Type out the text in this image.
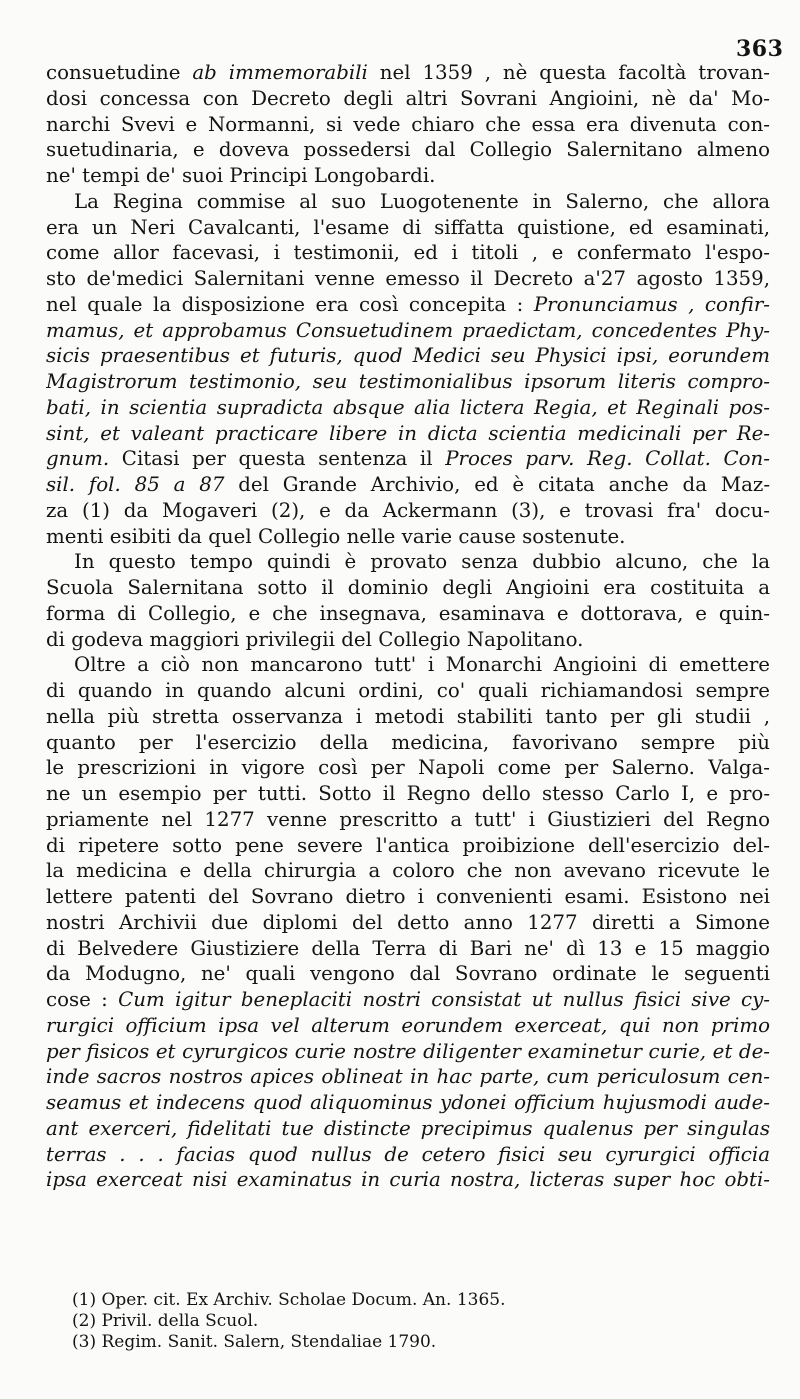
363
consuetudine ab immemorabili nel 1359 , nè questa facoltà trovan-
dosi concessa con Decreto degli altri Sovrani Angioini, nè da' Mo-
narchi Svevi e Normanni, si vede chiaro che essa era divenuta con-
suetudinaria, e doveva possedersi dal Collegio Salernitano almeno
ne' tempi de' suoi Principi Longobardi.
La Regina commise al suo Luogotenente in Salerno, che allora
era un Neri Cavalcanti, l'esame di siffatta quistione, ed esaminati,
come allor facevasi, i testimonii, ed i titoli , e confermato l'espo-
sto de'medici Salernitani venne emesso il Decreto a'27 agosto 1359,
nel quale la disposizione era così concepita : Pronunciamus , confir-
mamus, et approbamus Consuetudinem praedictam, concedentes Phy-
sicis praesentibus et futuris, quod Medici seu Physici ipsi, eorundem
Magistrorum testimonio, seu testimonialibus ipsorum literis compro-
bati, in scientia supradicta absque alia lictera Regia, et Reginali pos-
sint, et valeant practicare libere in dicta scientia medicinali per Re-
gnum. Citasi per questa sentenza il Proces parv. Reg. Collat. Con-
sil. fol. 85 a 87 del Grande Archivio, ed è citata anche da Maz-
za (1) da Mogaveri (2), e da Ackermann (3), e trovasi fra' docu-
menti esibiti da quel Collegio nelle varie cause sostenute.
In questo tempo quindi è provato senza dubbio alcuno, che la
Scuola Salernitana sotto il dominio degli Angioini era costituita a
forma di Collegio, e che insegnava, esaminava e dottorava, e quin-
di godeva maggiori privilegii del Collegio Napolitano.
Oltre a ciò non mancarono tutt' i Monarchi Angioini di emettere
di quando in quando alcuni ordini, co' quali richiamandosi sempre
nella più stretta osservanza i metodi stabiliti tanto per gli studii ,
quanto per l'esercizio della medicina, favorivano sempre più
le prescrizioni in vigore così per Napoli come per Salerno. Valga-
ne un esempio per tutti. Sotto il Regno dello stesso Carlo I, e pro-
priamente nel 1277 venne prescritto a tutt' i Giustizieri del Regno
di ripetere sotto pene severe l'antica proibizione dell'esercizio del-
la medicina e della chirurgia a coloro che non avevano ricevute le
lettere patenti del Sovrano dietro i convenienti esami. Esistono nei
nostri Archivii due diplomi del detto anno 1277 diretti a Simone
di Belvedere Giustiziere della Terra di Bari ne' dì 13 e 15 maggio
da Modugno, ne' quali vengono dal Sovrano ordinate le seguenti
cose : Cum igitur beneplaciti nostri consistat ut nullus fisici sive cy-
rurgici officium ipsa vel alterum eorundem exerceat, qui non primo
per fisicos et cyrurgicos curie nostre diligenter examinetur curie, et de-
inde sacros nostros apices oblineat in hac parte, cum periculosum cen-
seamus et indecens quod aliquominus ydonei officium hujusmodi aude-
ant exerceri, fidelitati tue distincte precipimus qualenus per singulas
terras . . . facias quod nullus de cetero fisici seu cyrurgici officia
ipsa exerceat nisi examinatus in curia nostra, licteras super hoc obti-
(1) Oper. cit. Ex Archiv. Scholae Docum. An. 1365.
(2) Privil. della Scuol.
(3) Regim. Sanit. Salern, Stendaliae 1790.
